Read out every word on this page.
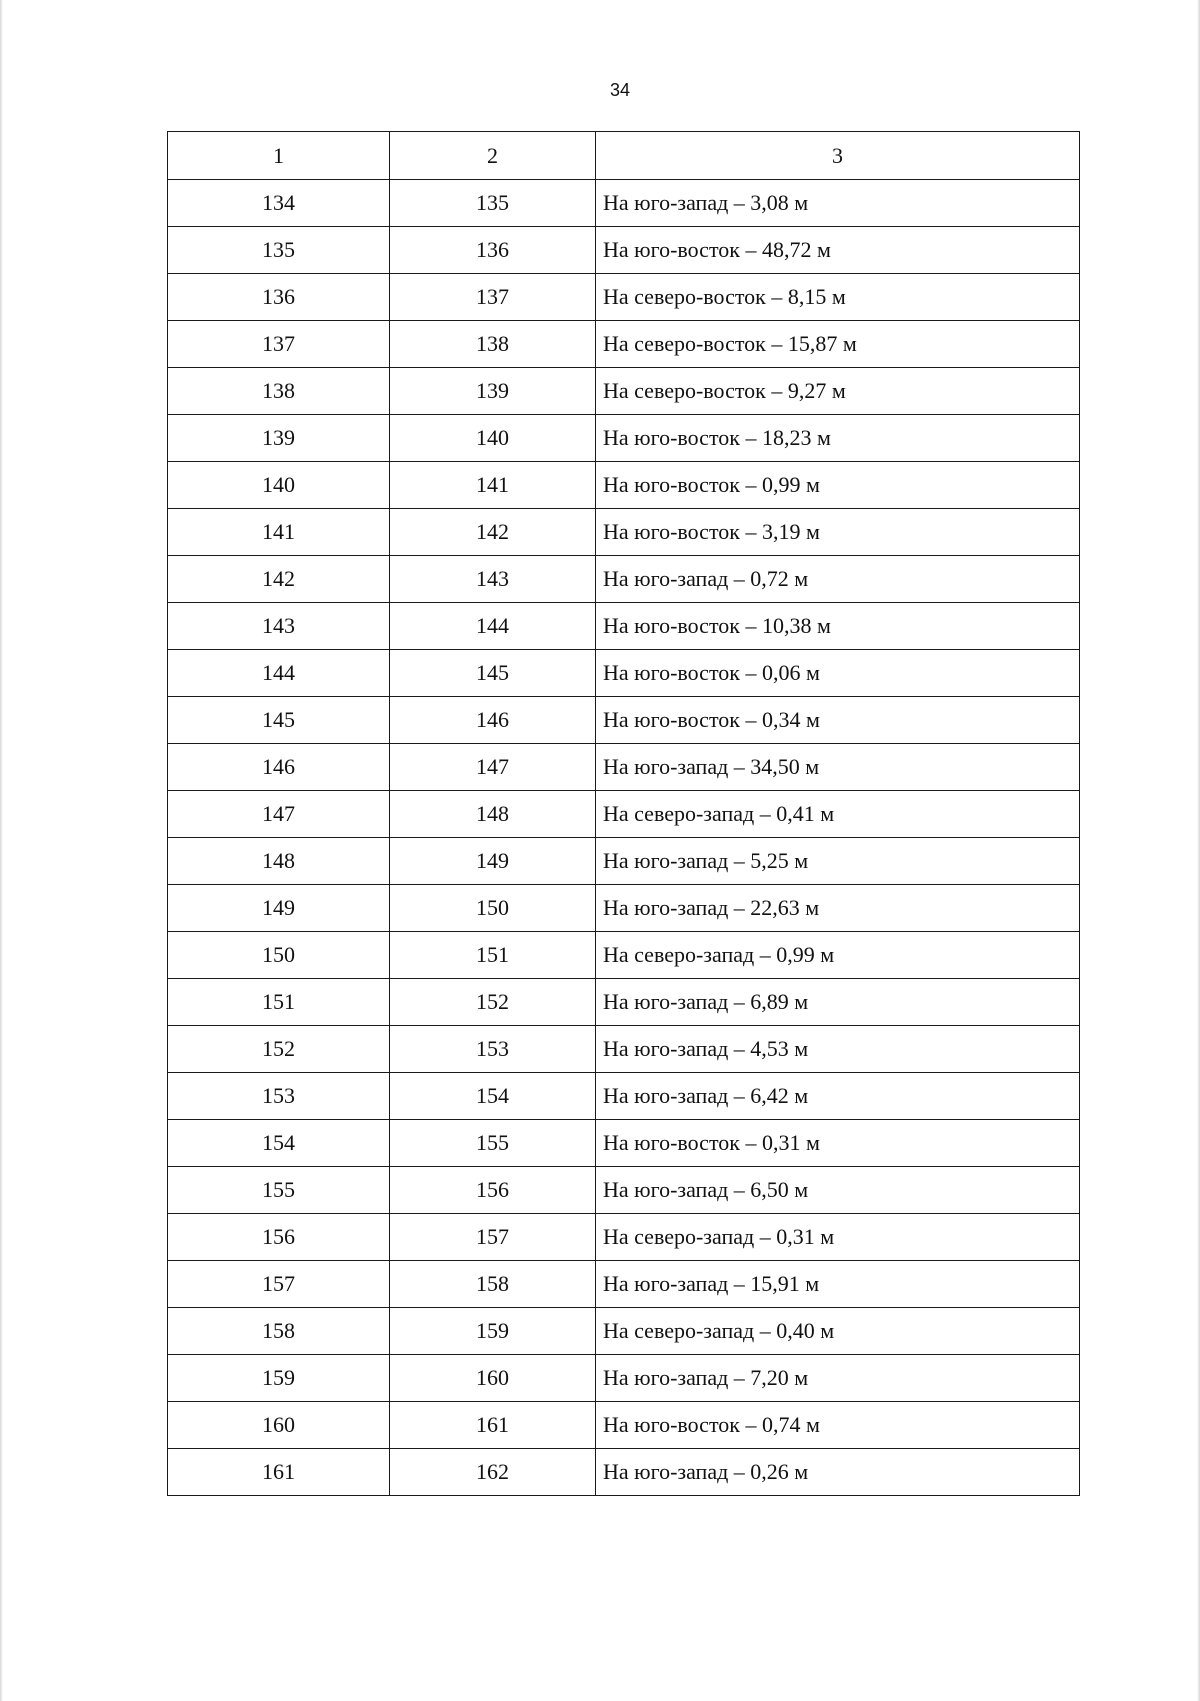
34
1	2	3
134	135	На юго-запад – 3,08 м
135	136	На юго-восток – 48,72 м
136	137	На северо-восток – 8,15 м
137	138	На северо-восток – 15,87 м
138	139	На северо-восток – 9,27 м
139	140	На юго-восток – 18,23 м
140	141	На юго-восток – 0,99 м
141	142	На юго-восток – 3,19 м
142	143	На юго-запад – 0,72 м
143	144	На юго-восток – 10,38 м
144	145	На юго-восток – 0,06 м
145	146	На юго-восток – 0,34 м
146	147	На юго-запад – 34,50 м
147	148	На северо-запад – 0,41 м
148	149	На юго-запад – 5,25 м
149	150	На юго-запад – 22,63 м
150	151	На северо-запад – 0,99 м
151	152	На юго-запад – 6,89 м
152	153	На юго-запад – 4,53 м
153	154	На юго-запад – 6,42 м
154	155	На юго-восток – 0,31 м
155	156	На юго-запад – 6,50 м
156	157	На северо-запад – 0,31 м
157	158	На юго-запад – 15,91 м
158	159	На северо-запад – 0,40 м
159	160	На юго-запад – 7,20 м
160	161	На юго-восток – 0,74 м
161	162	На юго-запад – 0,26 м
